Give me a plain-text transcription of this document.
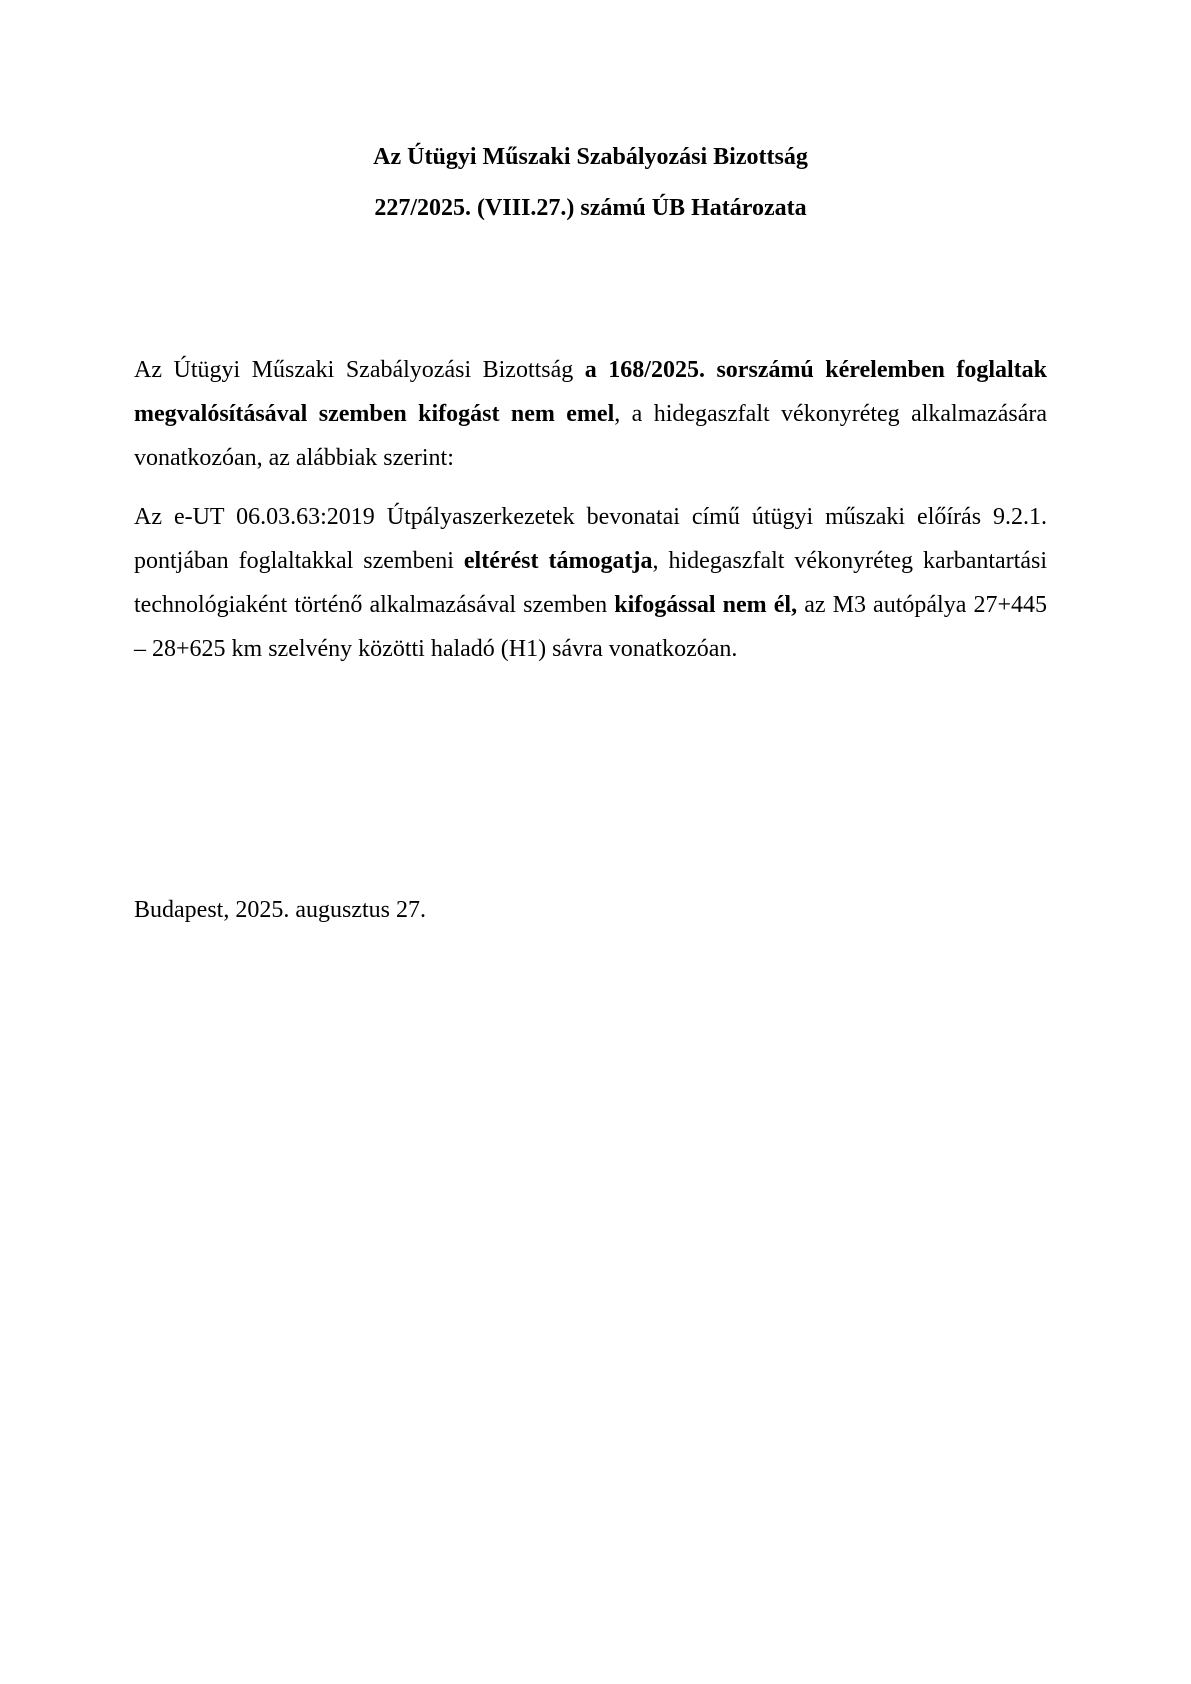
Az Útügyi Műszaki Szabályozási Bizottság
227/2025. (VIII.27.) számú ÚB Határozata

Az Útügyi Műszaki Szabályozási Bizottság a 168/2025. sorszámú kérelemben foglaltak megvalósításával szemben kifogást nem emel, a hidegaszfalt vékonyréteg alkalmazására vonatkozóan, az alábbiak szerint:

Az e-UT 06.03.63:2019 Útpályaszerkezetek bevonatai című útügyi műszaki előírás 9.2.1. pontjában foglaltakkal szembeni eltérést támogatja, hidegaszfalt vékonyréteg karbantartási technológiaként történő alkalmazásával szemben kifogással nem él, az M3 autópálya 27+445 – 28+625 km szelvény közötti haladó (H1) sávra vonatkozóan.

Budapest, 2025. augusztus 27.
